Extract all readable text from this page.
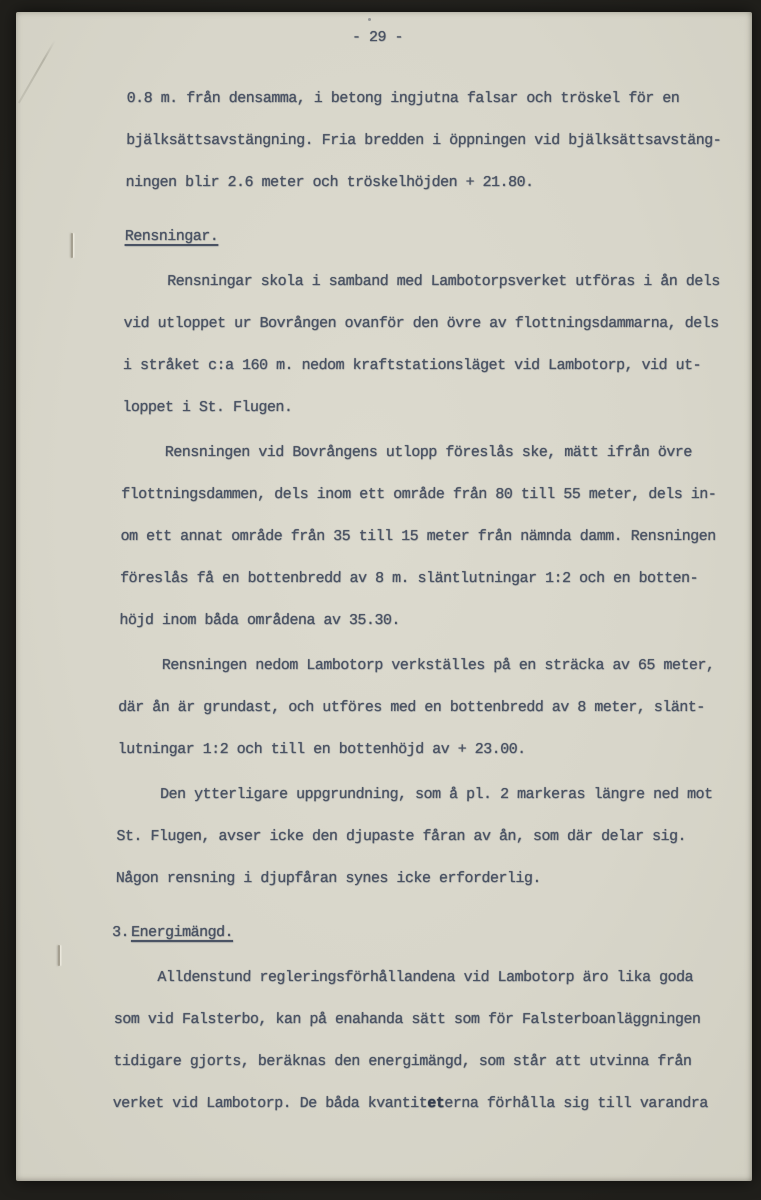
- 29 -
0.8 m. från densamma, i betong ingjutna falsar och tröskel för en
bjälksättsavstängning. Fria bredden i öppningen vid bjälksättsavstäng-
ningen blir 2.6 meter och tröskelhöjden + 21.80.
Rensningar.
Rensningar skola i samband med Lambotorpsverket utföras i ån dels
vid utloppet ur Bovrången ovanför den övre av flottningsdammarna, dels
i stråket c:a 160 m. nedom kraftstationsläget vid Lambotorp, vid ut-
loppet i St. Flugen.
Rensningen vid Bovrångens utlopp föreslås ske, mätt ifrån övre
flottningsdammen, dels inom ett område från 80 till 55 meter, dels in-
om ett annat område från 35 till 15 meter från nämnda damm. Rensningen
föreslås få en bottenbredd av 8 m. släntlutningar 1:2 och en botten-
höjd inom båda områdena av 35.30.
Rensningen nedom Lambotorp verkställes på en sträcka av 65 meter,
där ån är grundast, och utföres med en bottenbredd av 8 meter, slänt-
lutningar 1:2 och till en bottenhöjd av + 23.00.
Den ytterligare uppgrundning, som å pl. 2 markeras längre ned mot
St. Flugen, avser icke den djupaste fåran av ån, som där delar sig.
Någon rensning i djupfåran synes icke erforderlig.
3. Energimängd.
Alldenstund regleringsförhållandena vid Lambotorp äro lika goda
som vid Falsterbo, kan på enahanda sätt som för Falsterboanläggningen
tidigare gjorts, beräknas den energimängd, som står att utvinna från
verket vid Lambotorp. De båda kvantiteterna förhålla sig till varandra
